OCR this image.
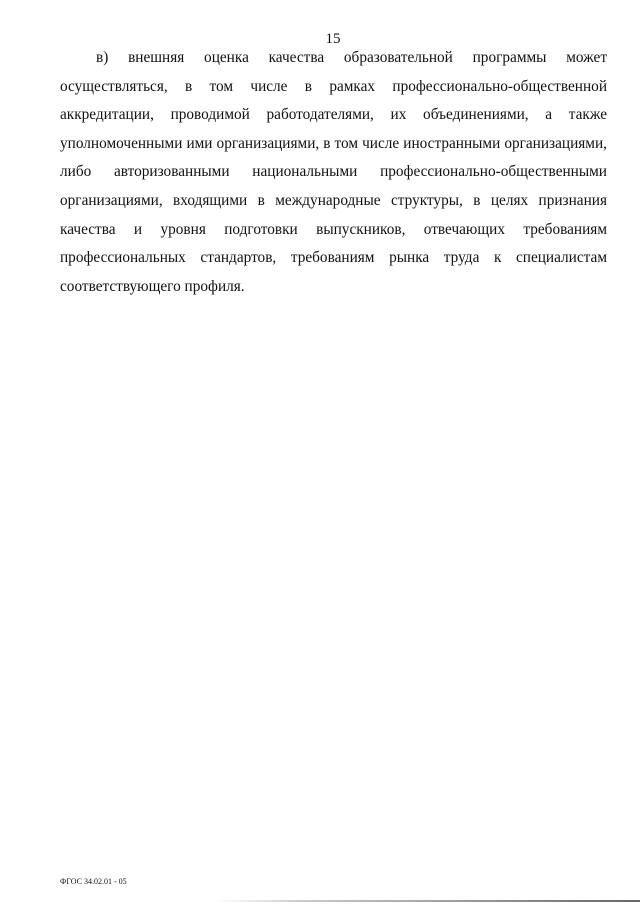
15
в) внешняя оценка качества образовательной программы может
осуществляться, в том числе в рамках профессионально-общественной
аккредитации, проводимой работодателями, их объединениями, а также
уполномоченными ими организациями, в том числе иностранными организациями,
либо авторизованными национальными профессионально-общественными
организациями, входящими в международные структуры, в целях признания
качества и уровня подготовки выпускников, отвечающих требованиям
профессиональных стандартов, требованиям рынка труда к специалистам
соответствующего профиля.
ФГОС 34.02.01 - 05
